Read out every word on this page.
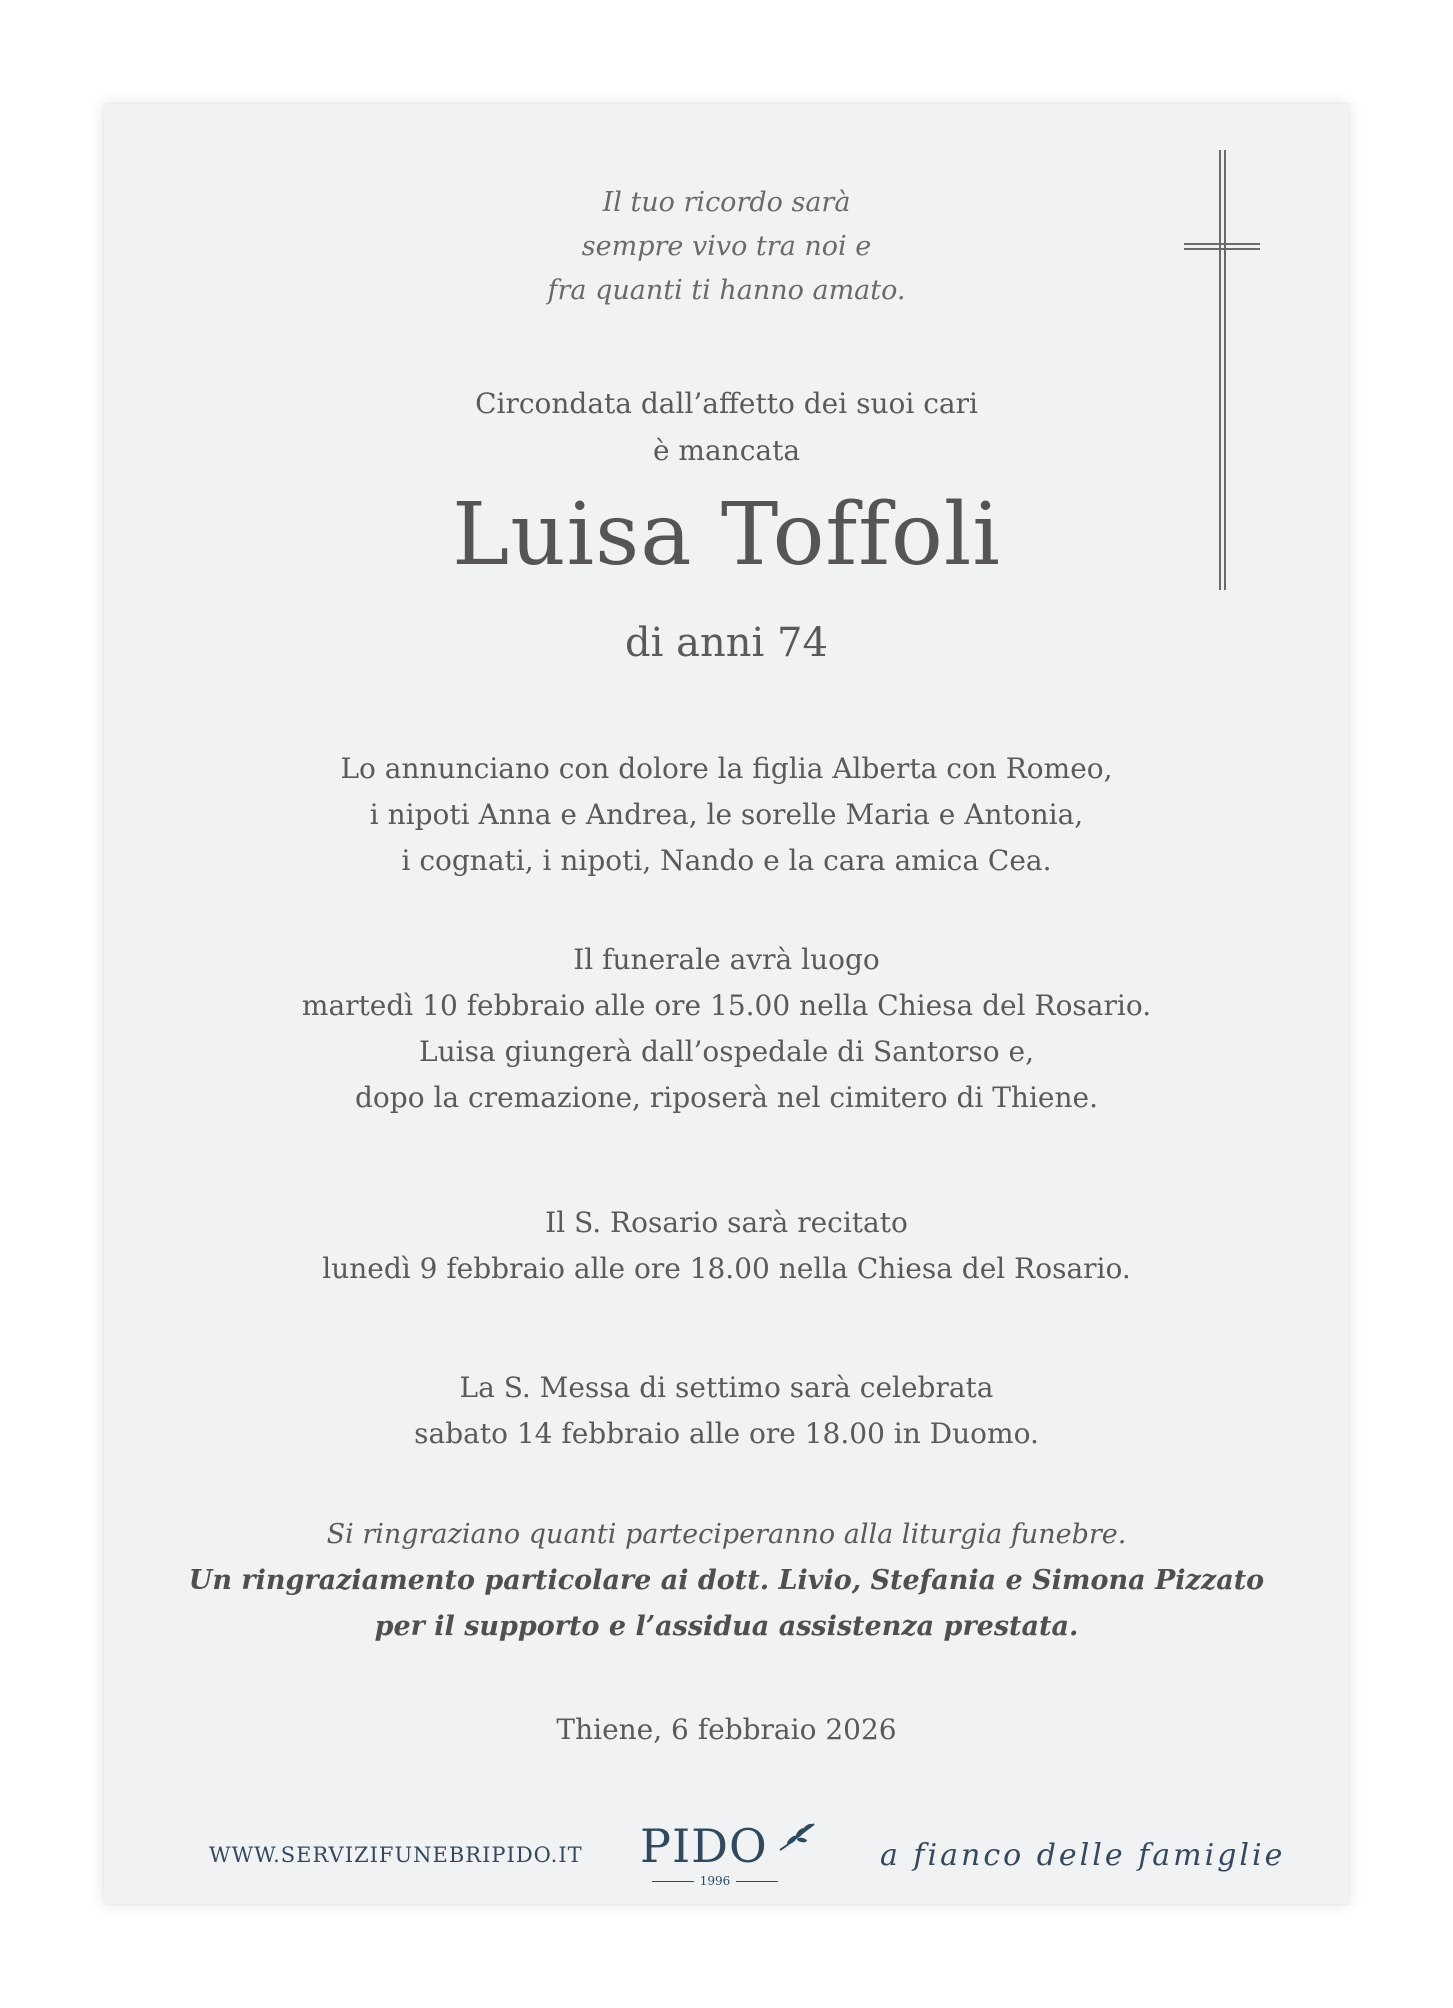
Il tuo ricordo sarà
sempre vivo tra noi e
fra quanti ti hanno amato.
Circondata dall’affetto dei suoi cari
è mancata
Luisa Toffoli
di anni 74
Lo annunciano con dolore la figlia Alberta con Romeo,
i nipoti Anna e Andrea, le sorelle Maria e Antonia,
i cognati, i nipoti, Nando e la cara amica Cea.
Il funerale avrà luogo
martedì 10 febbraio alle ore 15.00 nella Chiesa del Rosario.
Luisa giungerà dall’ospedale di Santorso e,
dopo la cremazione, riposerà nel cimitero di Thiene.
Il S. Rosario sarà recitato
lunedì 9 febbraio alle ore 18.00 nella Chiesa del Rosario.
La S. Messa di settimo sarà celebrata
sabato 14 febbraio alle ore 18.00 in Duomo.
Si ringraziano quanti parteciperanno alla liturgia funebre.
Un ringraziamento particolare ai dott. Livio, Stefania e Simona Pizzato
per il supporto e l’assidua assistenza prestata.
Thiene, 6 febbraio 2026
WWW.SERVIZIFUNEBRIPIDO.IT PIDO
1996
a fianco delle famiglie
